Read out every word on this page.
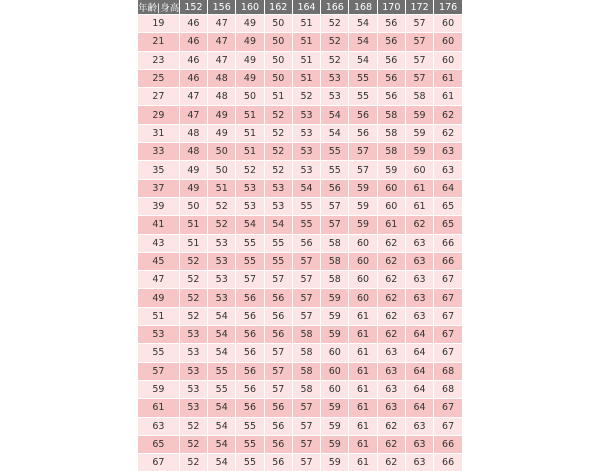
年齢|身高	152	156	160	162	164	166	168	170	172	176
19	46	47	49	50	51	52	54	56	57	60
21	46	47	49	50	51	52	54	56	57	60
23	46	47	49	50	51	52	54	56	57	60
25	46	48	49	50	51	53	55	56	57	61
27	47	48	50	51	52	53	55	56	58	61
29	47	49	51	52	53	54	56	58	59	62
31	48	49	51	52	53	54	56	58	59	62
33	48	50	51	52	53	55	57	58	59	63
35	49	50	52	52	53	55	57	59	60	63
37	49	51	53	53	54	56	59	60	61	64
39	50	52	53	53	55	57	59	60	61	65
41	51	52	54	54	55	57	59	61	62	65
43	51	53	55	55	56	58	60	62	63	66
45	52	53	55	55	57	58	60	62	63	66
47	52	53	57	57	57	58	60	62	63	67
49	52	53	56	56	57	59	60	62	63	67
51	52	54	56	56	57	59	61	62	63	67
53	53	54	56	56	58	59	61	62	64	67
55	53	54	56	57	58	60	61	63	64	67
57	53	55	56	57	58	60	61	63	64	68
59	53	55	56	57	58	60	61	63	64	68
61	53	54	56	56	57	59	61	63	64	67
63	52	54	55	56	57	59	61	62	63	67
65	52	54	55	56	57	59	61	62	63	66
67	52	54	55	56	57	59	61	62	63	66
